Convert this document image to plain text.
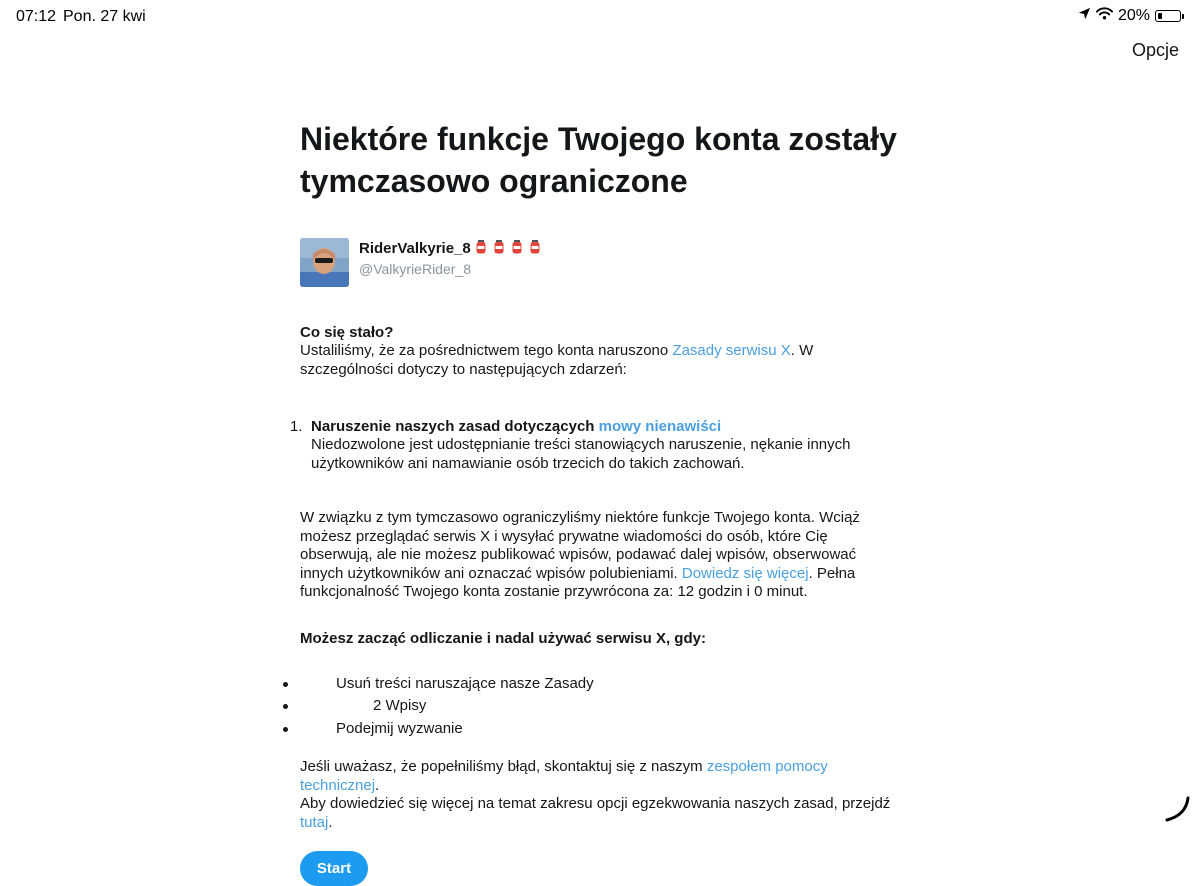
07:12 Pon. 27 kwi	20%
Opcje
Niektóre funkcje Twojego konta zostały tymczasowo ograniczone
RiderValkyrie_8
@ValkyrieRider_8
Co się stało?

Ustaliliśmy, że za pośrednictwem tego konta naruszono Zasady serwisu X. W szczególności dotyczy to następujących zdarzeń:

1. Naruszenie naszych zasad dotyczących mowy nienawiści

Niedozwolone jest udostępnianie treści stanowiących naruszenie, nękanie innych użytkowników ani namawianie osób trzecich do takich zachowań.

W związku z tym tymczasowo ograniczyliśmy niektóre funkcje Twojego konta. Wciąż możesz przeglądać serwis X i wysyłać prywatne wiadomości do osób, które Cię obserwują, ale nie możesz publikować wpisów, podawać dalej wpisów, obserwować innych użytkowników ani oznaczać wpisów polubieniami. Dowiedz się więcej. Pełna funkcjonalność Twojego konta zostanie przywrócona za: 12 godzin i 0 minut.

Możesz zacząć odliczanie i nadal używać serwisu X, gdy:
Usuń treści naruszające nasze Zasady
2 Wpisy
Podejmij wyzwanie

Jeśli uważasz, że popełniliśmy błąd, skontaktuj się z naszym zespołem pomocy technicznej.
Aby dowiedzieć się więcej na temat zakresu opcji egzekwowania naszych zasad, przejdź tutaj.

Start
